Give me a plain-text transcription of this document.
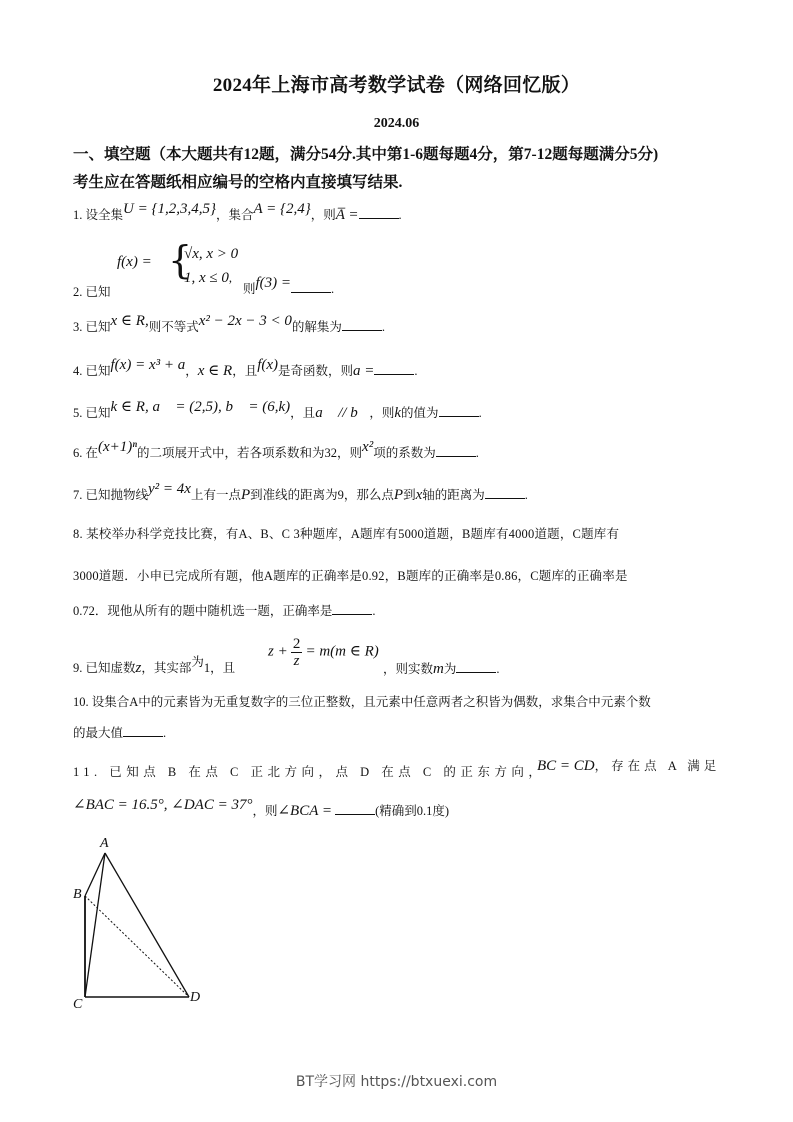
2024年上海市高考数学试卷（网络回忆版）
2024.06
一、填空题（本大题共有12题，满分54分.其中第1-6题每题4分，第7-12题每题满分5分)
考生应在答题纸相应编号的空格内直接填写结果.
1. 设全集U = {1,2,3,4,5}，集合A = {2,4}，则A̅ =	.
f(x) = {
√x, x > 0
1, x ≤ 0,
2. 已知	则f(3) =	.
3. 已知x ∈ R,则不等式x² − 2x − 3 < 0的解集为	.
4. 已知f(x) = x³ + a，x ∈ R，且f(x)是奇函数，则a =	.
5. 已知k ∈ R, a⃗ = (2,5), b⃗ = (6,k)，且a⃗ // b⃗，则k的值为	.
6. 在(x+1)ⁿ的二项展开式中，若各项系数和为32，则x²项的系数为	.
7. 已知抛物线y² = 4x上有一点P到准线的距离为9，那么点P到x轴的距离为	.
8. 某校举办科学竞技比赛，有A、B、C 3种题库，A题库有5000道题，B题库有4000道题，C题库有
3000道题．小申已完成所有题，他A题库的正确率是0.92，B题库的正确率是0.86，C题库的正确率是
0.72．现他从所有的题中随机选一题，正确率是	.
9. 已知虚数z，其实部为1，且
$z + \frac{2}{z} = m(m$ ∈ R)
，则实数m为	.
10. 设集合A中的元素皆为无重复数字的三位正整数，且元素中任意两者之积皆为偶数，求集合中元素个数
的最大值	.
11. 已知点 B 在点 C 正北方向，点 D 在点 C 的正东方向，
BC = CD，存在点 A 满足
∠BAC = 16.5°, ∠DAC = 37°，则∠BCA =	(精确到0.1度)
A
B
C	D
BT学习网 https://btxuexi.com
